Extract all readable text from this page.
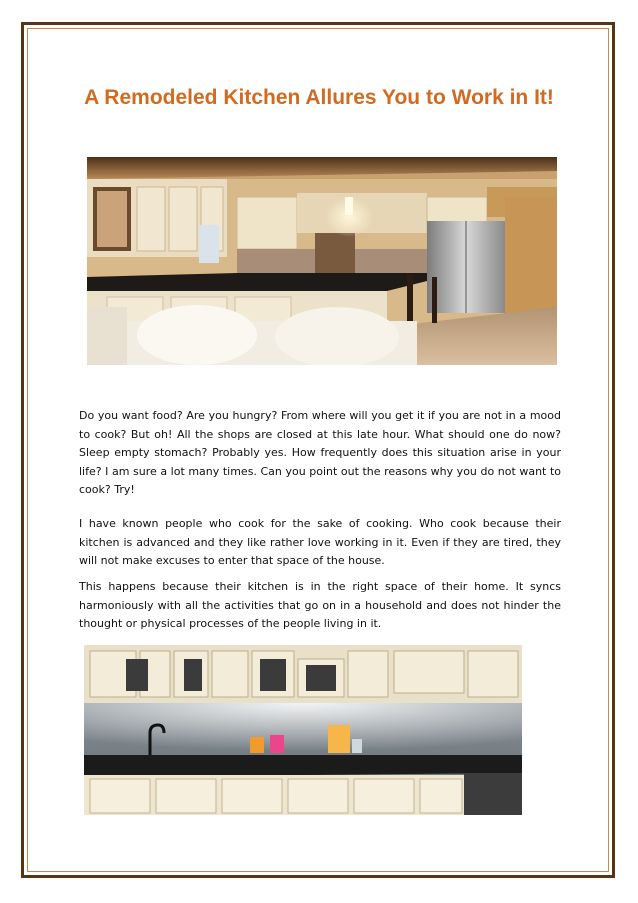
A Remodeled Kitchen Allures You to Work in It!

Do you want food? Are you hungry? From where will you get it if you are not in a mood to cook? But oh! All the shops are closed at this late hour. What should one do now? Sleep empty stomach? Probably yes. How frequently does this situation arise in your life? I am sure a lot many times. Can you point out the reasons why you do not want to cook? Try!

I have known people who cook for the sake of cooking. Who cook because their kitchen is advanced and they like rather love working in it. Even if they are tired, they will not make excuses to enter that space of the house.

This happens because their kitchen is in the right space of their home. It syncs harmoniously with all the activities that go on in a household and does not hinder the thought or physical processes of the people living in it.
